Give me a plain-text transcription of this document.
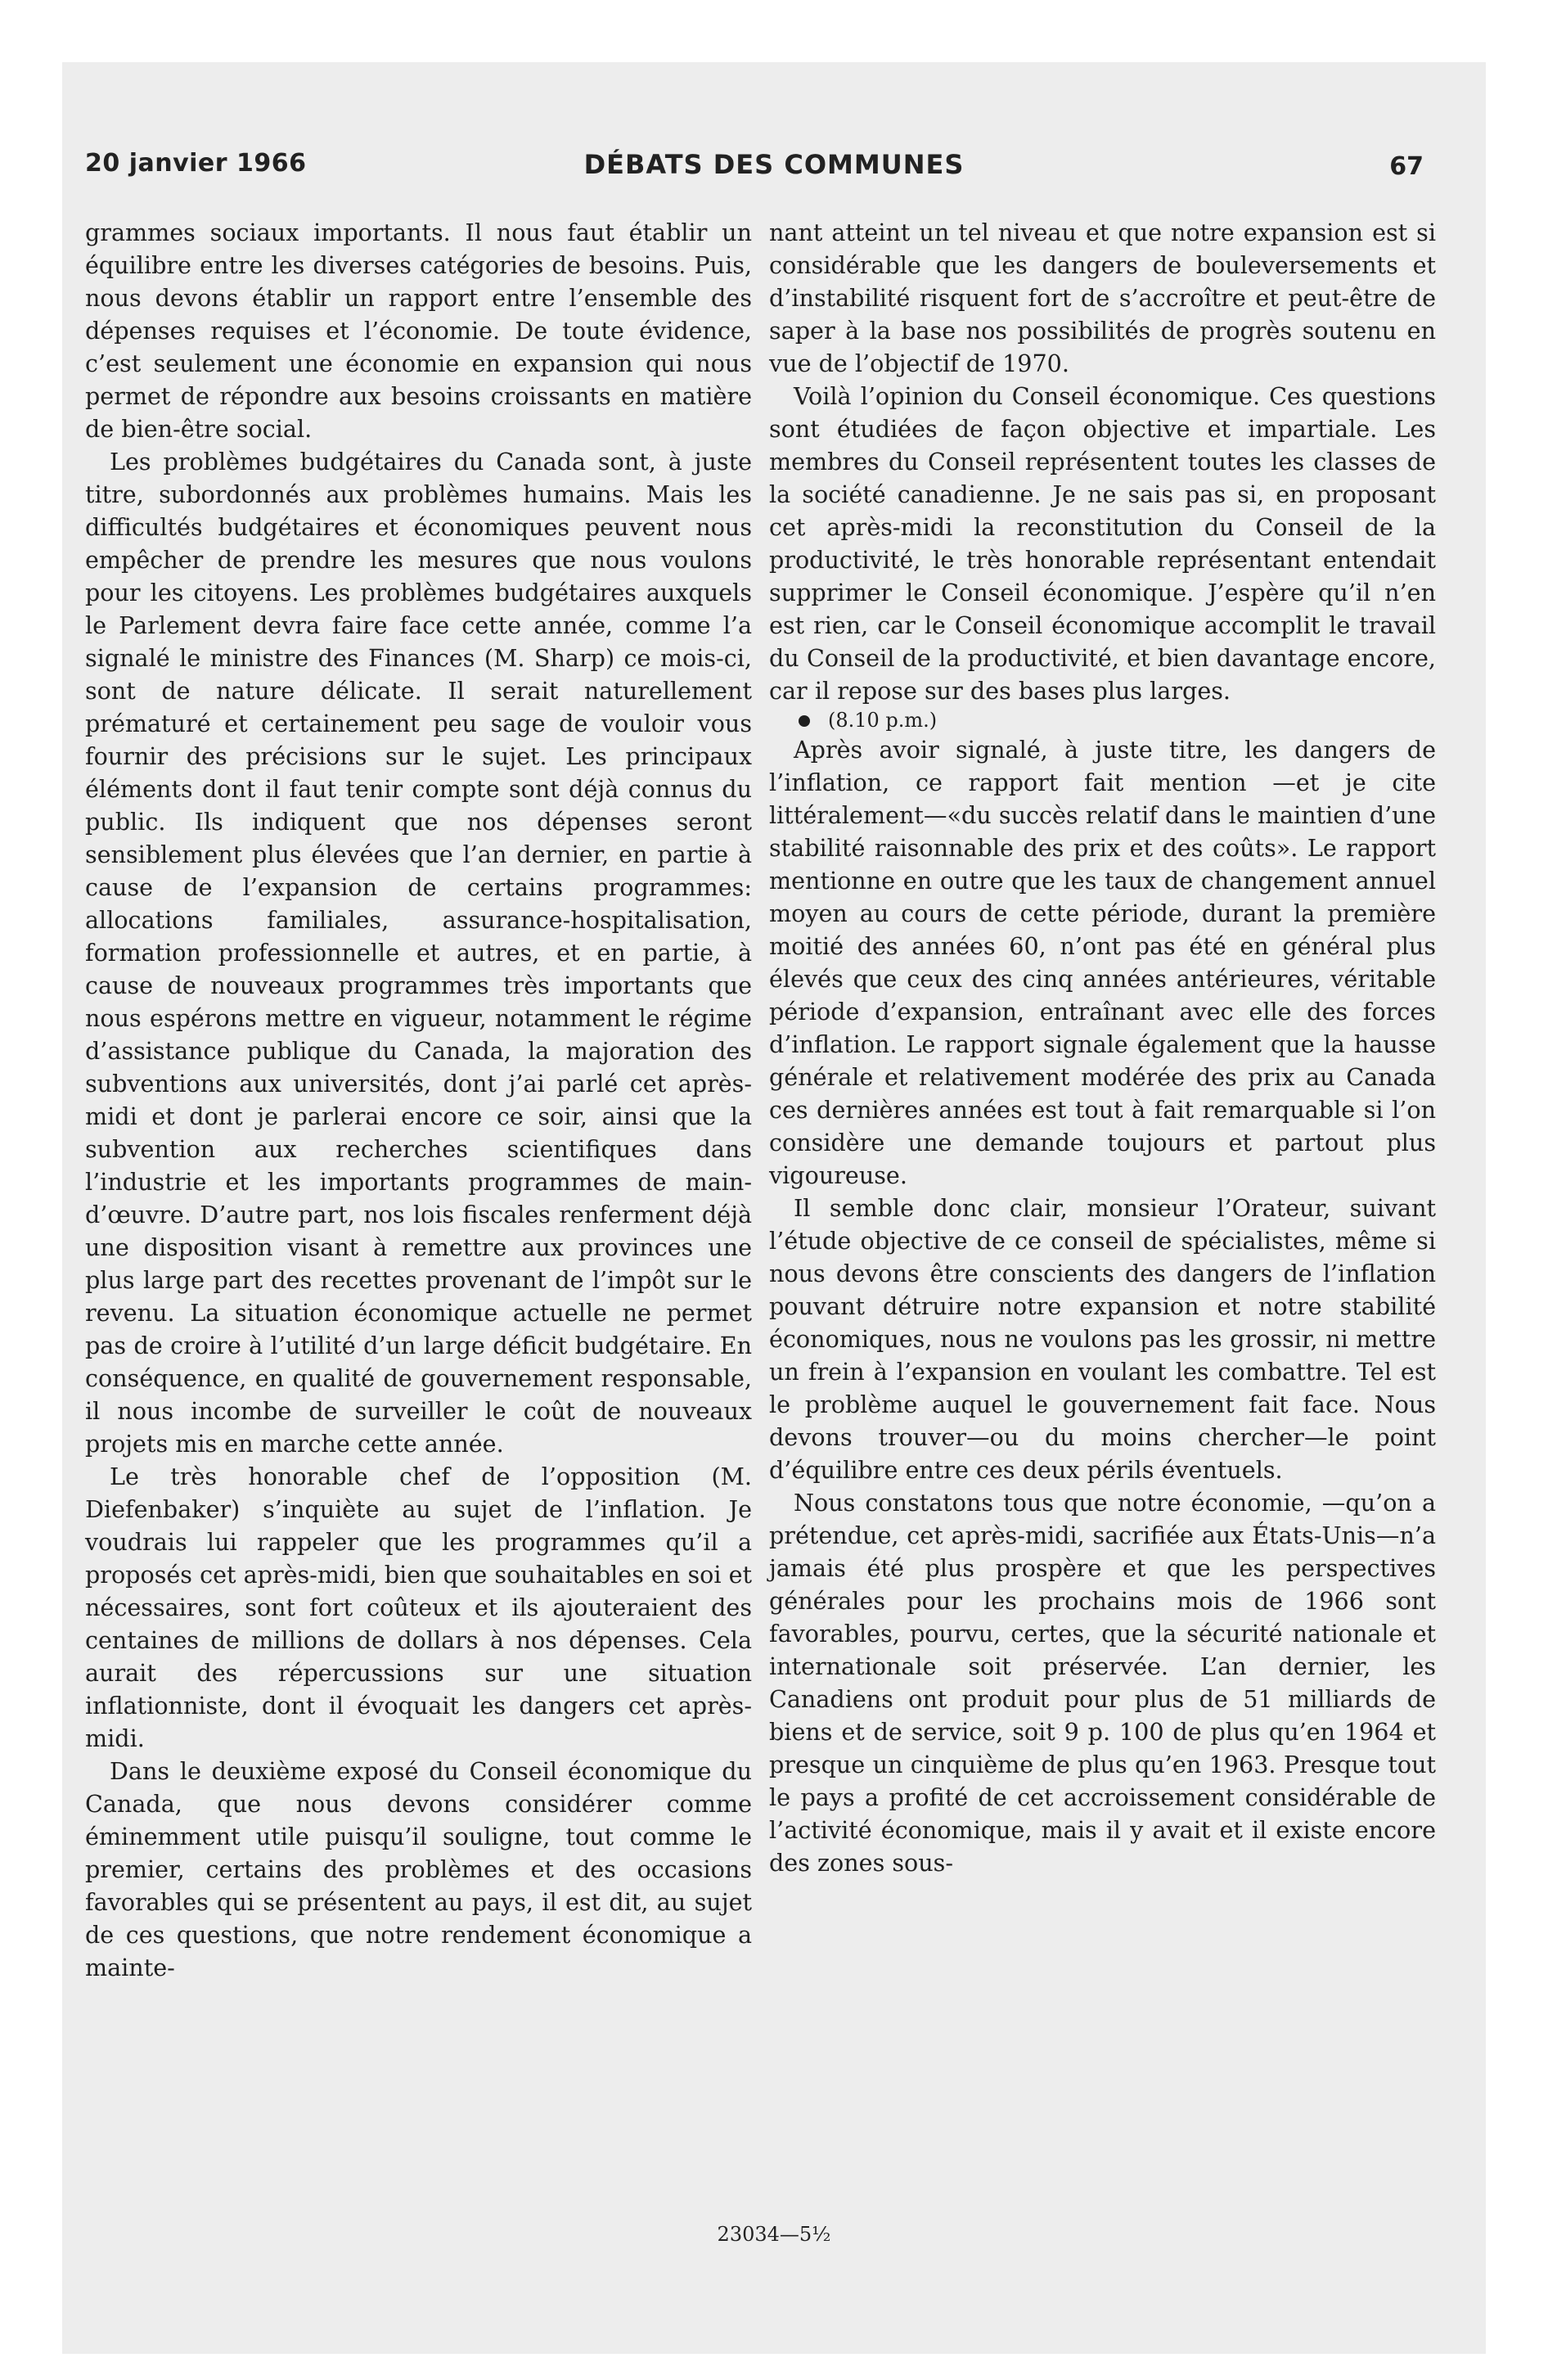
20 janvier 1966	DÉBATS DES COMMUNES	67

grammes sociaux importants. Il nous faut établir un équilibre entre les diverses catégories de besoins. Puis, nous devons établir un rapport entre l’ensemble des dépenses requises et l’économie. De toute évidence, c’est seulement une économie en expansion qui nous permet de répondre aux besoins croissants en matière de bien-être social.

Les problèmes budgétaires du Canada sont, à juste titre, subordonnés aux problèmes humains. Mais les difficultés budgétaires et économiques peuvent nous empêcher de prendre les mesures que nous voulons pour les citoyens. Les problèmes budgétaires auxquels le Parlement devra faire face cette année, comme l’a signalé le ministre des Finances (M. Sharp) ce mois-ci, sont de nature délicate. Il serait naturellement prématuré et certainement peu sage de vouloir vous fournir des précisions sur le sujet. Les principaux éléments dont il faut tenir compte sont déjà connus du public. Ils indiquent que nos dépenses seront sensiblement plus élevées que l’an dernier, en partie à cause de l’expansion de certains programmes: allocations familiales, assurance-hospitalisation, formation professionnelle et autres, et en partie, à cause de nouveaux programmes très importants que nous espérons mettre en vigueur, notamment le régime d’assistance publique du Canada, la majoration des subventions aux universités, dont j’ai parlé cet après-midi et dont je parlerai encore ce soir, ainsi que la subvention aux recherches scientifiques dans l’industrie et les importants programmes de main-d’œuvre. D’autre part, nos lois fiscales renferment déjà une disposition visant à remettre aux provinces une plus large part des recettes provenant de l’impôt sur le revenu. La situation économique actuelle ne permet pas de croire à l’utilité d’un large déficit budgétaire. En conséquence, en qualité de gouvernement responsable, il nous incombe de surveiller le coût de nouveaux projets mis en marche cette année.

Le très honorable chef de l’opposition (M. Diefenbaker) s’inquiète au sujet de l’inflation. Je voudrais lui rappeler que les programmes qu’il a proposés cet après-midi, bien que souhaitables en soi et nécessaires, sont fort coûteux et ils ajouteraient des centaines de millions de dollars à nos dépenses. Cela aurait des répercussions sur une situation inflationniste, dont il évoquait les dangers cet après-midi.

Dans le deuxième exposé du Conseil économique du Canada, que nous devons considérer comme éminemment utile puisqu’il souligne, tout comme le premier, certains des problèmes et des occasions favorables qui se présentent au pays, il est dit, au sujet de ces questions, que notre rendement économique a mainte-

nant atteint un tel niveau et que notre expansion est si considérable que les dangers de bouleversements et d’instabilité risquent fort de s’accroître et peut-être de saper à la base nos possibilités de progrès soutenu en vue de l’objectif de 1970.

Voilà l’opinion du Conseil économique. Ces questions sont étudiées de façon objective et impartiale. Les membres du Conseil représentent toutes les classes de la société canadienne. Je ne sais pas si, en proposant cet après-midi la reconstitution du Conseil de la productivité, le très honorable représentant entendait supprimer le Conseil économique. J’espère qu’il n’en est rien, car le Conseil économique accomplit le travail du Conseil de la productivité, et bien davantage encore, car il repose sur des bases plus larges.

(8.10 p.m.)

Après avoir signalé, à juste titre, les dangers de l’inflation, ce rapport fait mention —et je cite littéralement—«du succès relatif dans le maintien d’une stabilité raisonnable des prix et des coûts». Le rapport mentionne en outre que les taux de changement annuel moyen au cours de cette période, durant la première moitié des années 60, n’ont pas été en général plus élevés que ceux des cinq années antérieures, véritable période d’expansion, entraînant avec elle des forces d’inflation. Le rapport signale également que la hausse générale et relativement modérée des prix au Canada ces dernières années est tout à fait remarquable si l’on considère une demande toujours et partout plus vigoureuse.

Il semble donc clair, monsieur l’Orateur, suivant l’étude objective de ce conseil de spécialistes, même si nous devons être conscients des dangers de l’inflation pouvant détruire notre expansion et notre stabilité économiques, nous ne voulons pas les grossir, ni mettre un frein à l’expansion en voulant les combattre. Tel est le problème auquel le gouvernement fait face. Nous devons trouver—ou du moins chercher—le point d’équilibre entre ces deux périls éventuels.

Nous constatons tous que notre économie, —qu’on a prétendue, cet après-midi, sacrifiée aux États-Unis—n’a jamais été plus prospère et que les perspectives générales pour les prochains mois de 1966 sont favorables, pourvu, certes, que la sécurité nationale et internationale soit préservée. L’an dernier, les Canadiens ont produit pour plus de 51 milliards de biens et de service, soit 9 p. 100 de plus qu’en 1964 et presque un cinquième de plus qu’en 1963. Presque tout le pays a profité de cet accroissement considérable de l’activité économique, mais il y avait et il existe encore des zones sous-

23034—5½
